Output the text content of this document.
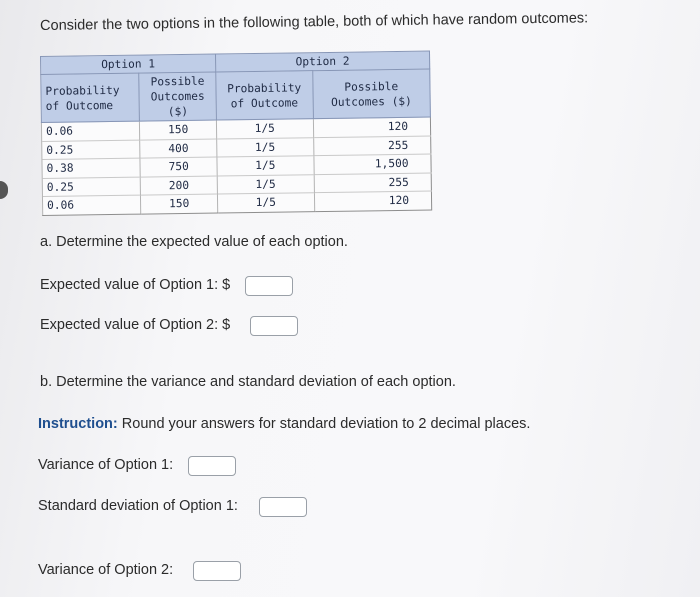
Consider the two options in the following table, both of which have random outcomes:
Option 1		Option 2	
Probability of Outcome	Possible Outcomes ($)	Probability of Outcome	Possible Outcomes ($)
0.06	150	1/5	120
0.25	400	1/5	255
0.38	750	1/5	1,500
0.25	200	1/5	255
0.06	150	1/5	120
a. Determine the expected value of each option.
Expected value of Option 1: $
Expected value of Option 2: $
b. Determine the variance and standard deviation of each option.
Instruction: Round your answers for standard deviation to 2 decimal places.
Variance of Option 1:
Standard deviation of Option 1:
Variance of Option 2:
